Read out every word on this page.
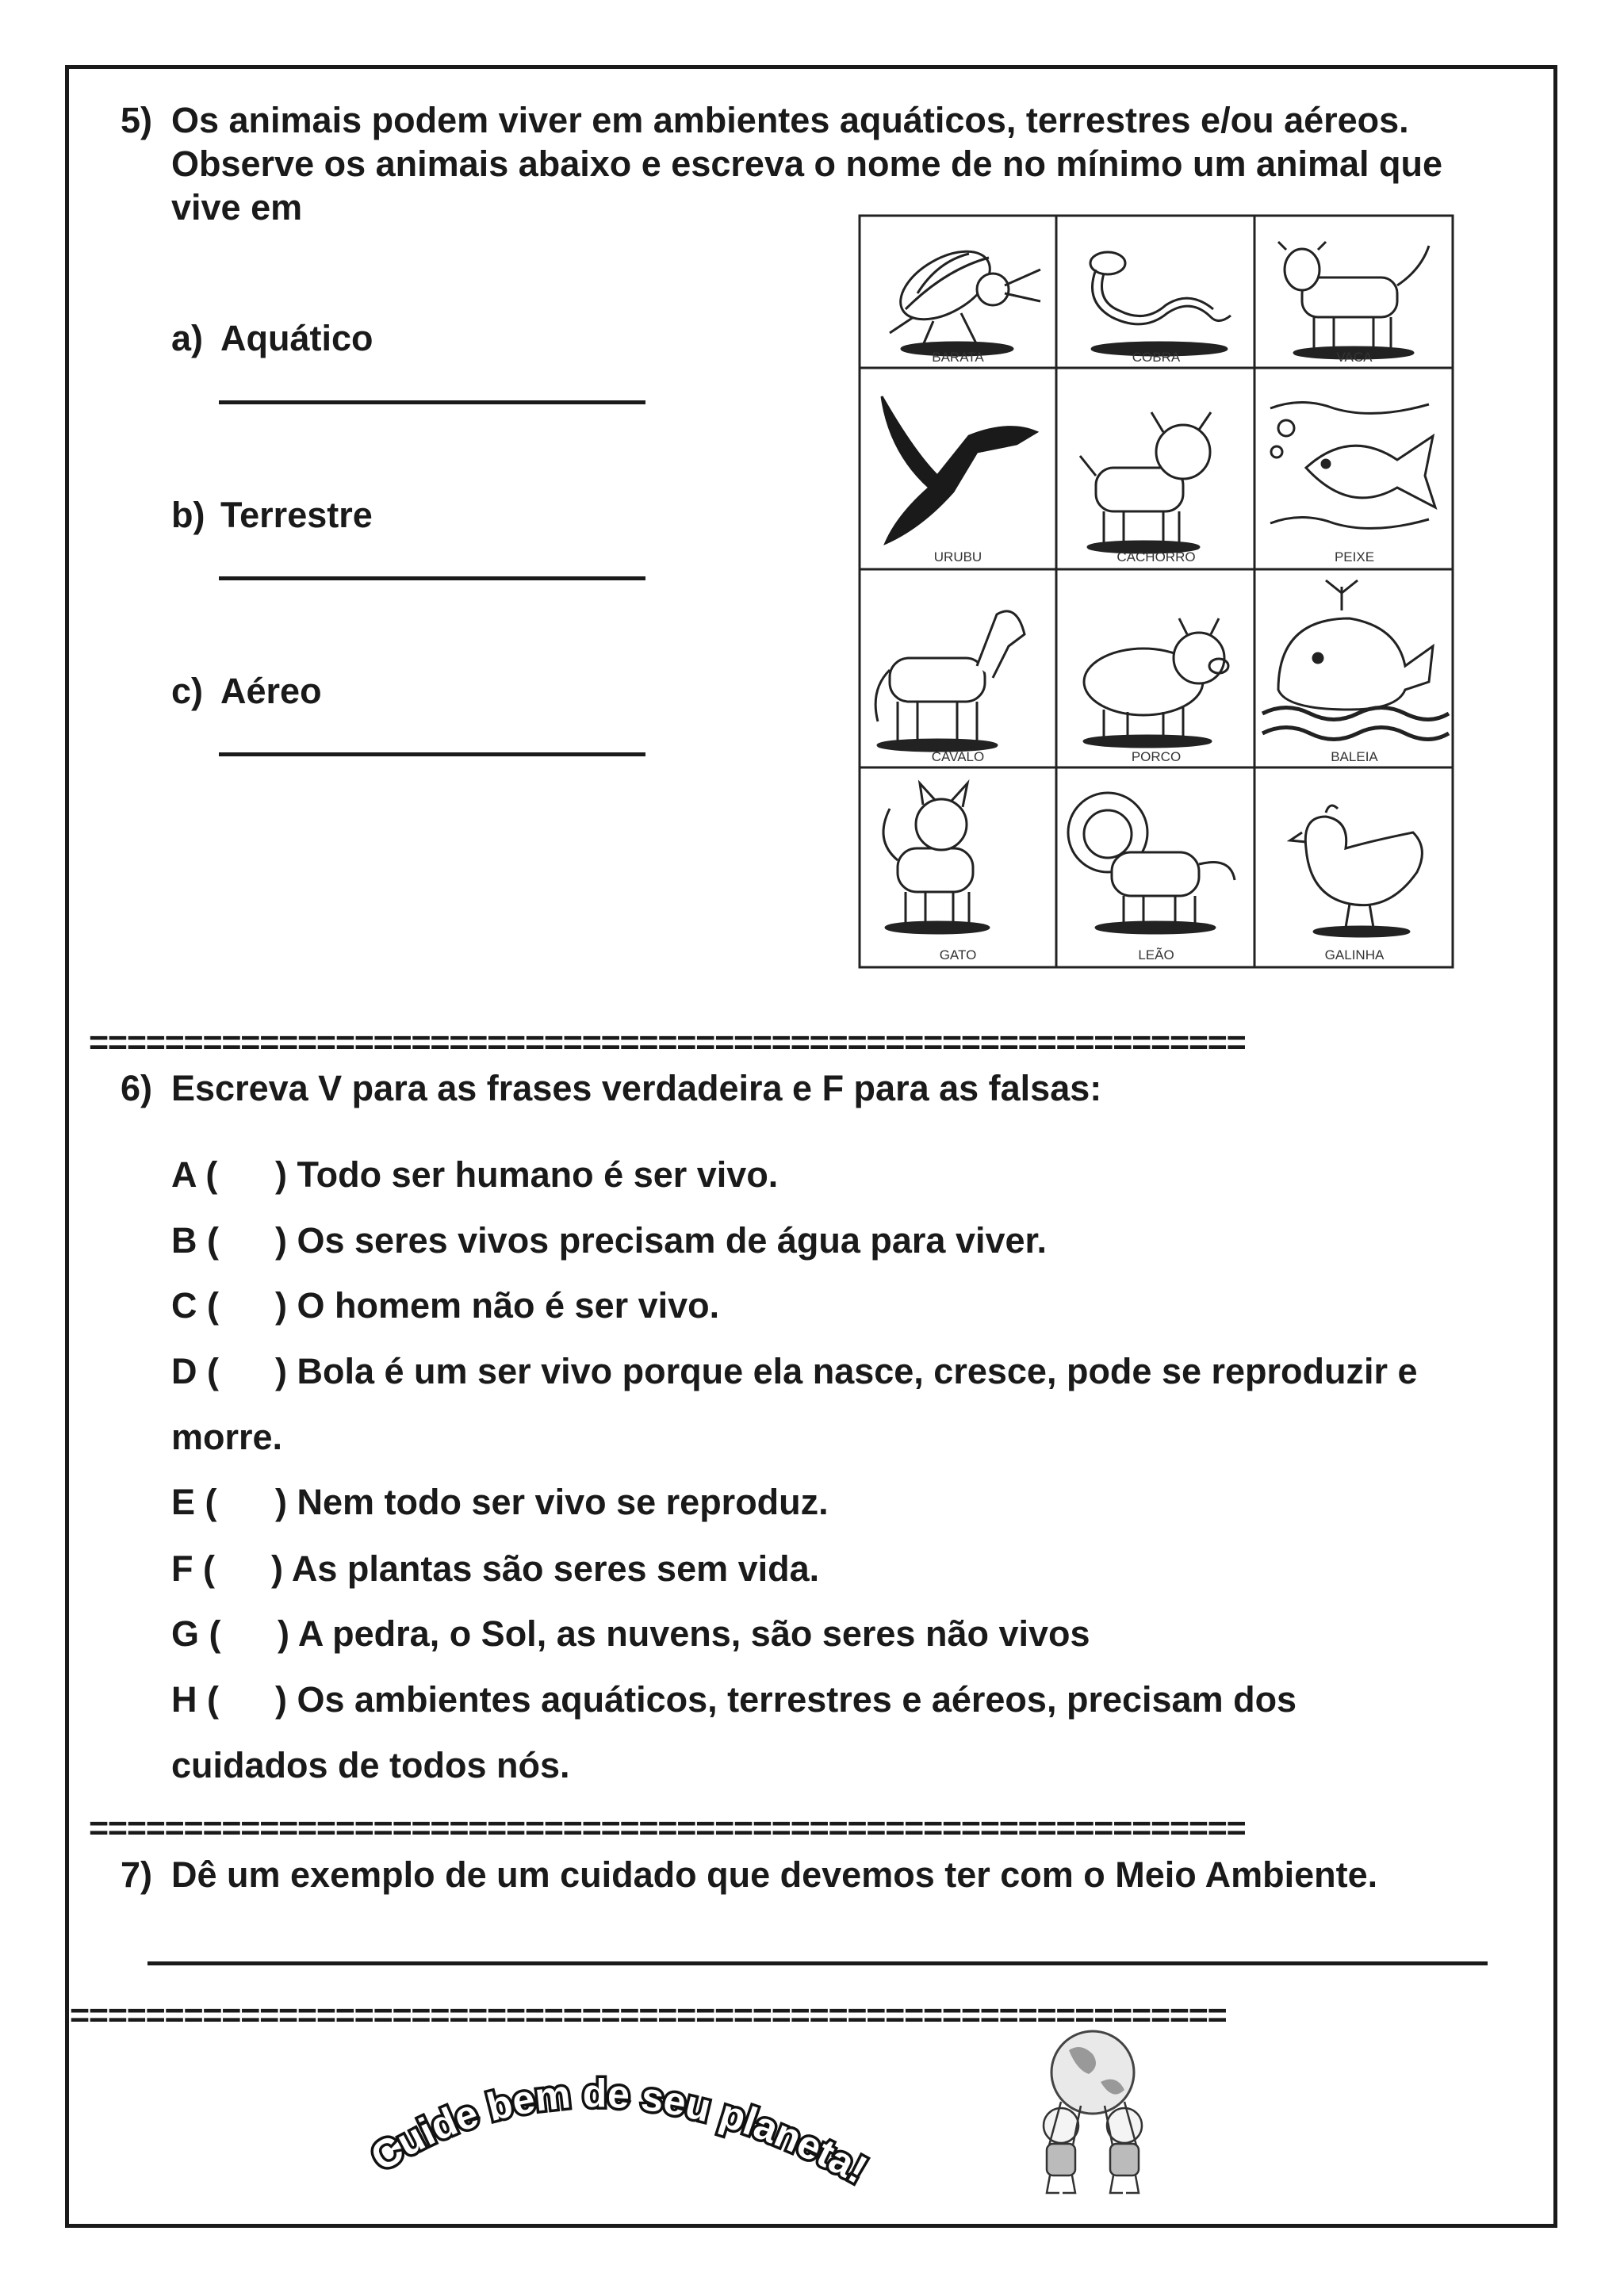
5) Os animais podem viver em ambientes aquáticos, terrestres e/ou aéreos.
Observe os animais abaixo e escreva o nome de no mínimo um animal que
vive em
a) Aquático
b) Terrestre
c) Aéreo
BARATA	COBRA	VACA
URUBU	CACHORRO	PEIXE
CAVALO	PORCO	BALEIA
GATO	LEÃO	GALINHA
=============================================================
6) Escreva V para as frases verdadeira e F para as falsas:
A ( ) Todo ser humano é ser vivo.
B ( ) Os seres vivos precisam de água para viver.
C ( ) O homem não é ser vivo.
D ( ) Bola é um ser vivo porque ela nasce, cresce, pode se reproduzir e
morre.
E ( ) Nem todo ser vivo se reproduz.
F ( ) As plantas são seres sem vida.
G ( ) A pedra, o Sol, as nuvens, são seres não vivos
H ( ) Os ambientes aquáticos, terrestres e aéreos, precisam dos
cuidados de todos nós.
=============================================================
7) Dê um exemplo de um cuidado que devemos ter com o Meio Ambiente.
=============================================================
Cuide bem de seu planeta!
